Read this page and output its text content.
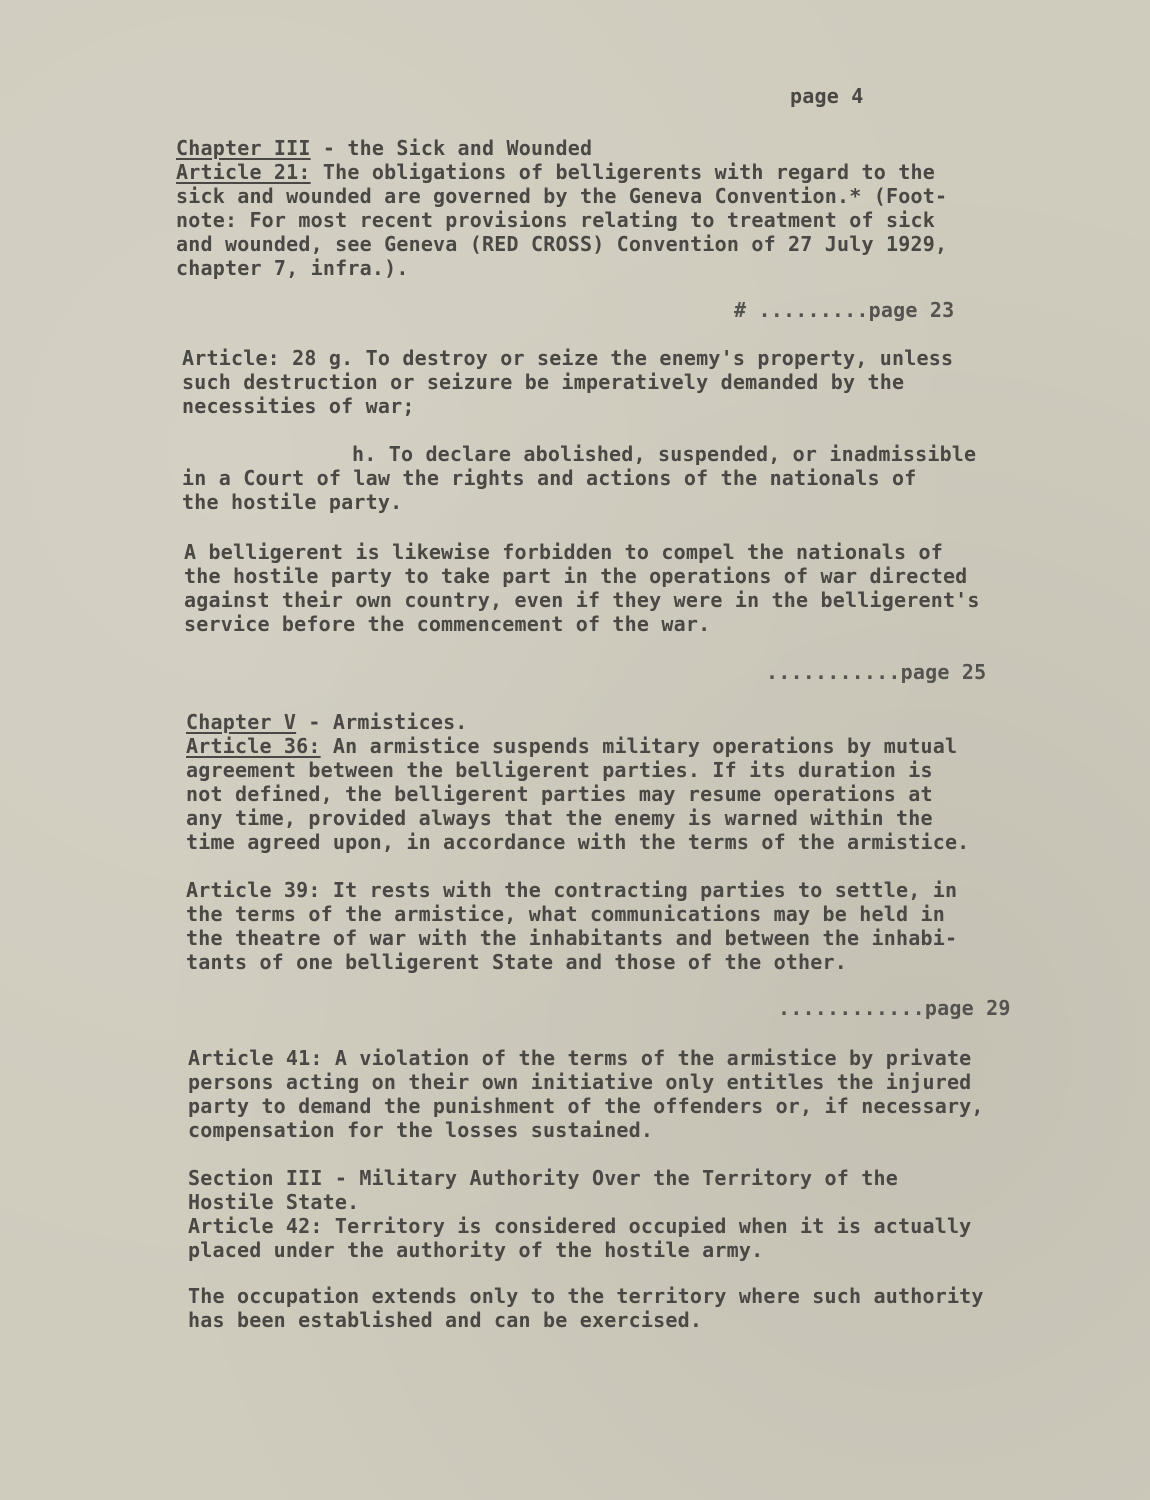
page 4
Chapter III - the Sick and Wounded
Article 21: The obligations of belligerents with regard to the
sick and wounded are governed by the Geneva Convention.* (Foot-
note: For most recent provisions relating to treatment of sick
and wounded, see Geneva (RED CROSS) Convention of 27 July 1929,
chapter 7, infra.).
# .........page 23
Article: 28 g. To destroy or seize the enemy's property, unless
such destruction or seizure be imperatively demanded by the
necessities of war;
h. To declare abolished, suspended, or inadmissible
in a Court of law the rights and actions of the nationals of
the hostile party.
A belligerent is likewise forbidden to compel the nationals of
the hostile party to take part in the operations of war directed
against their own country, even if they were in the belligerent's
service before the commencement of the war.
...........page 25
Chapter V - Armistices.
Article 36: An armistice suspends military operations by mutual
agreement between the belligerent parties. If its duration is
not defined, the belligerent parties may resume operations at
any time, provided always that the enemy is warned within the
time agreed upon, in accordance with the terms of the armistice.
Article 39: It rests with the contracting parties to settle, in
the terms of the armistice, what communications may be held in
the theatre of war with the inhabitants and between the inhabi-
tants of one belligerent State and those of the other.
............page 29
Article 41: A violation of the terms of the armistice by private
persons acting on their own initiative only entitles the injured
party to demand the punishment of the offenders or, if necessary,
compensation for the losses sustained.
Section III - Military Authority Over the Territory of the
Hostile State.
Article 42: Territory is considered occupied when it is actually
placed under the authority of the hostile army.
The occupation extends only to the territory where such authority
has been established and can be exercised.
